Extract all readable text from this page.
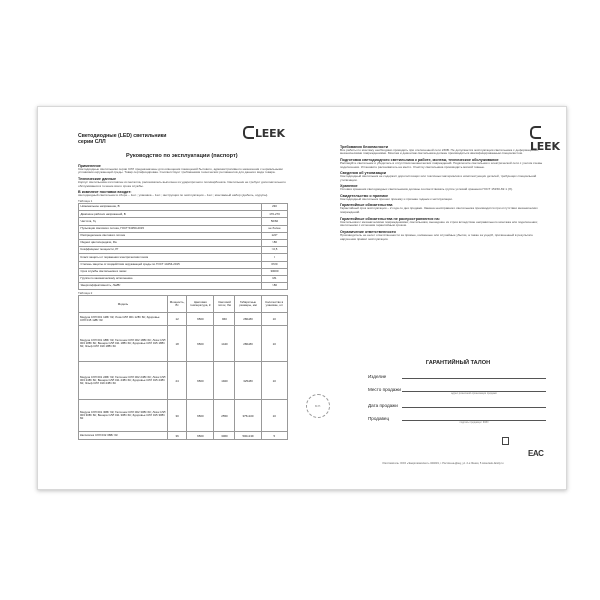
LEEK
Светодиодные (LED) светильники
серии СЛЛ
Руководство по эксплуатации (паспорт)
Применение
Светодиодные светильники серии СЛЛ предназначены для освещения помещений бытового, административного назначения с нормальными условиями окружающей среды. Товар сертифицирован. Соответствует требованиям технических регламентов для данного вида товара.
Технические данные
Корпус светильника изготовлен из металла, рассеиватель выполнен из ударопрочного поликарбоната. Светильник не требует дополнительного обслуживания в течение всего срока службы.
В комплект поставки входит:
светодиодный светильник в сборе – 1шт.; упаковка – 1шт.; инструкция по эксплуатации – 1шт.; монтажный набор (дюбель, шурупы).
Таблица 1
Номинальное напряжение, В	230
Диапазон рабочих напряжений, В	176-270
Частота, Гц	50/60
Пульсации светового потока, ГОСТ 54350-2015	не более
Распределение светового потока	120°
Индекс цветопередачи, Ra	>80
Коэффициент мощности, Pf	>0,5
Класс защиты от поражения электрическим током	I
Степень защиты от воздействия окружающей среды по ГОСТ 14254-2015	IP20
Срок службы светильника в часах	30000
Группа по механическому исполнению	М1
Энергоэффективность, Лм/Вт	>80
Таблица 2
Модель	Мощность, Вт	Цветовая температура, К	Световой поток, Лм	Габаритные размеры, мм	Количество в упаковке, шт
Медуза СЛЛ 001 12Вт 6К; Лоза СЛЛ 001 12Вт 6К; Здоровье СЛЛ 015 12Вт 6К	12	6500	960	280х80	10
Медуза СЛЛ 001 18Вт 6К; Галчонок СЛЛ 002 18Вт 6К; Лоза СЛЛ 003 18Вт 6К; Венера СЛЛ 011 18Вт 6К; Здоровье СЛЛ 015 18Вт 6К; Эльф СЛЛ 019 18Вт 6К	18	6500	1440	280х80	10
Медуза СЛЛ 001 24Вт 6К; Галчонок СЛЛ 002 24Вт 6К; Лоза СЛЛ 003 24Вт 6К; Венера СЛЛ 011 24Вт 6К; Здоровье СЛЛ 015 24Вт 6К; Эльф СЛЛ 019 24Вт 6К	24	6500	1920	325х80	10
Медуза СЛЛ 001 30Вт 6К; Галчонок СЛЛ 002 30Вт 6К; Лоза СЛЛ 003 30Вт 6К; Венера СЛЛ 011 30Вт 6К; Здоровье СЛЛ 015 30Вт 6К	30	6500	2550	375х100	10
Кассиопея СЛЛ 032 36Вт 6К	36	6500	3060	500х139	5
LEEK
Требования безопасности
Все работы по монтажу необходимо проводить при отключенной сети 230В. Не допускается эксплуатация светильника с деформациями, механическими повреждениями. Монтаж и демонтаж светильника должен производиться квалифицированным специалистом.
Подготовка светодиодного светильника к работе, монтаж, техническое обслуживание
Распакуйте светильник и убедитесь в отсутствии механических повреждений. Подключите светильник к электрической сети с учетом схемы подключения. Установите рассеиватель на место. Очистку светильника производить мягкой тканью.
Сведения об утилизации
Светодиодный светильник не содержит дорогостоящих или токсичных материалов и комплектующих деталей, требующих специальной утилизации.
Хранение
Условия хранения светодиодных светильников должны соответствовать группе условий хранения ГОСТ 15150-69 1 (Л).
Свидетельство о приемке
Светодиодный светильник прошел приемку и признан годным к эксплуатации.
Гарантийные обязательства
Гарантийный срок эксплуатации – 2 года со дня продажи. Замена неисправного светильника производится при отсутствии механических повреждений.
Гарантийные обязательства не распространяются на:
Светильники с механическими повреждениями; светильники, вышедшие из строя вследствие неправильного монтажа или подключения; светильники с истекшим гарантийным сроком.
Ограничение ответственности
Производитель не несет ответственности за прямые, косвенные или случайные убытки, а также за ущерб, причиненный в результате нарушения правил эксплуатации.
ГАРАНТИЙНЫЙ ТАЛОН
Изделие
Место продажи
адрес розничной организации продажи
Дата продажи
Продавец
подпись продавца / ФИО
М.П.
EAC
Изготовитель: ООО «Энергокомплект» 344019, г. Ростов-на-Дону, ул. 2-я Линия, 5 www.leek-family.ru
